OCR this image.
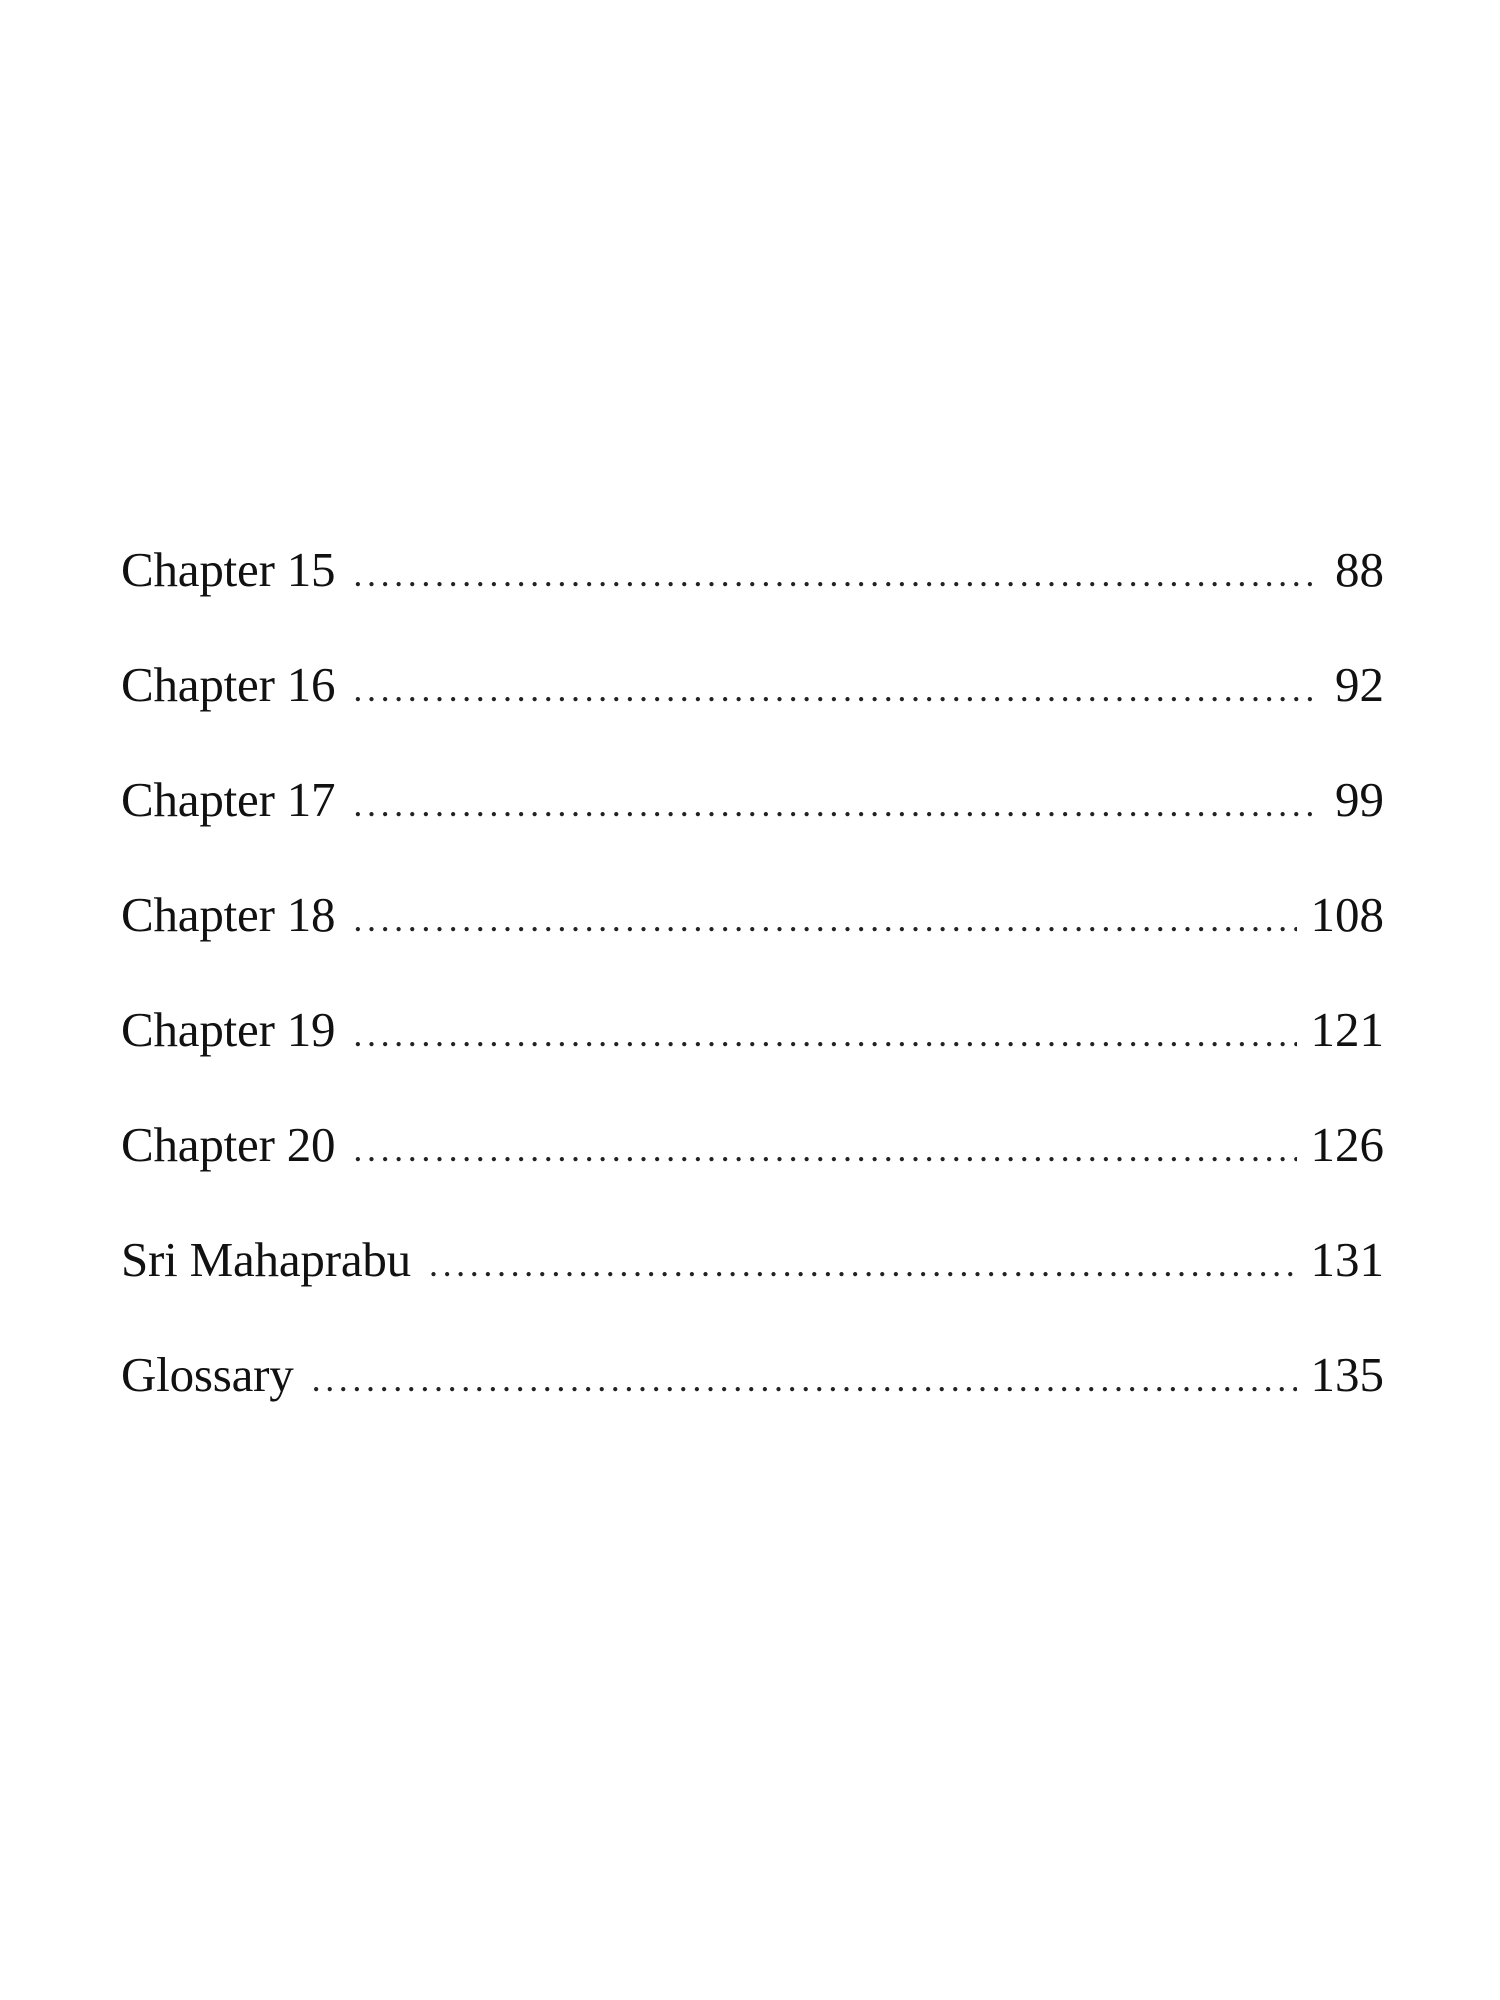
Chapter 15 .....	88
Chapter 16 .....	92
Chapter 17 .....	99
Chapter 18 .....	108
Chapter 19 .....	121
Chapter 20 .....	126
Sri Mahaprabu .....	131
Glossary .....	135
